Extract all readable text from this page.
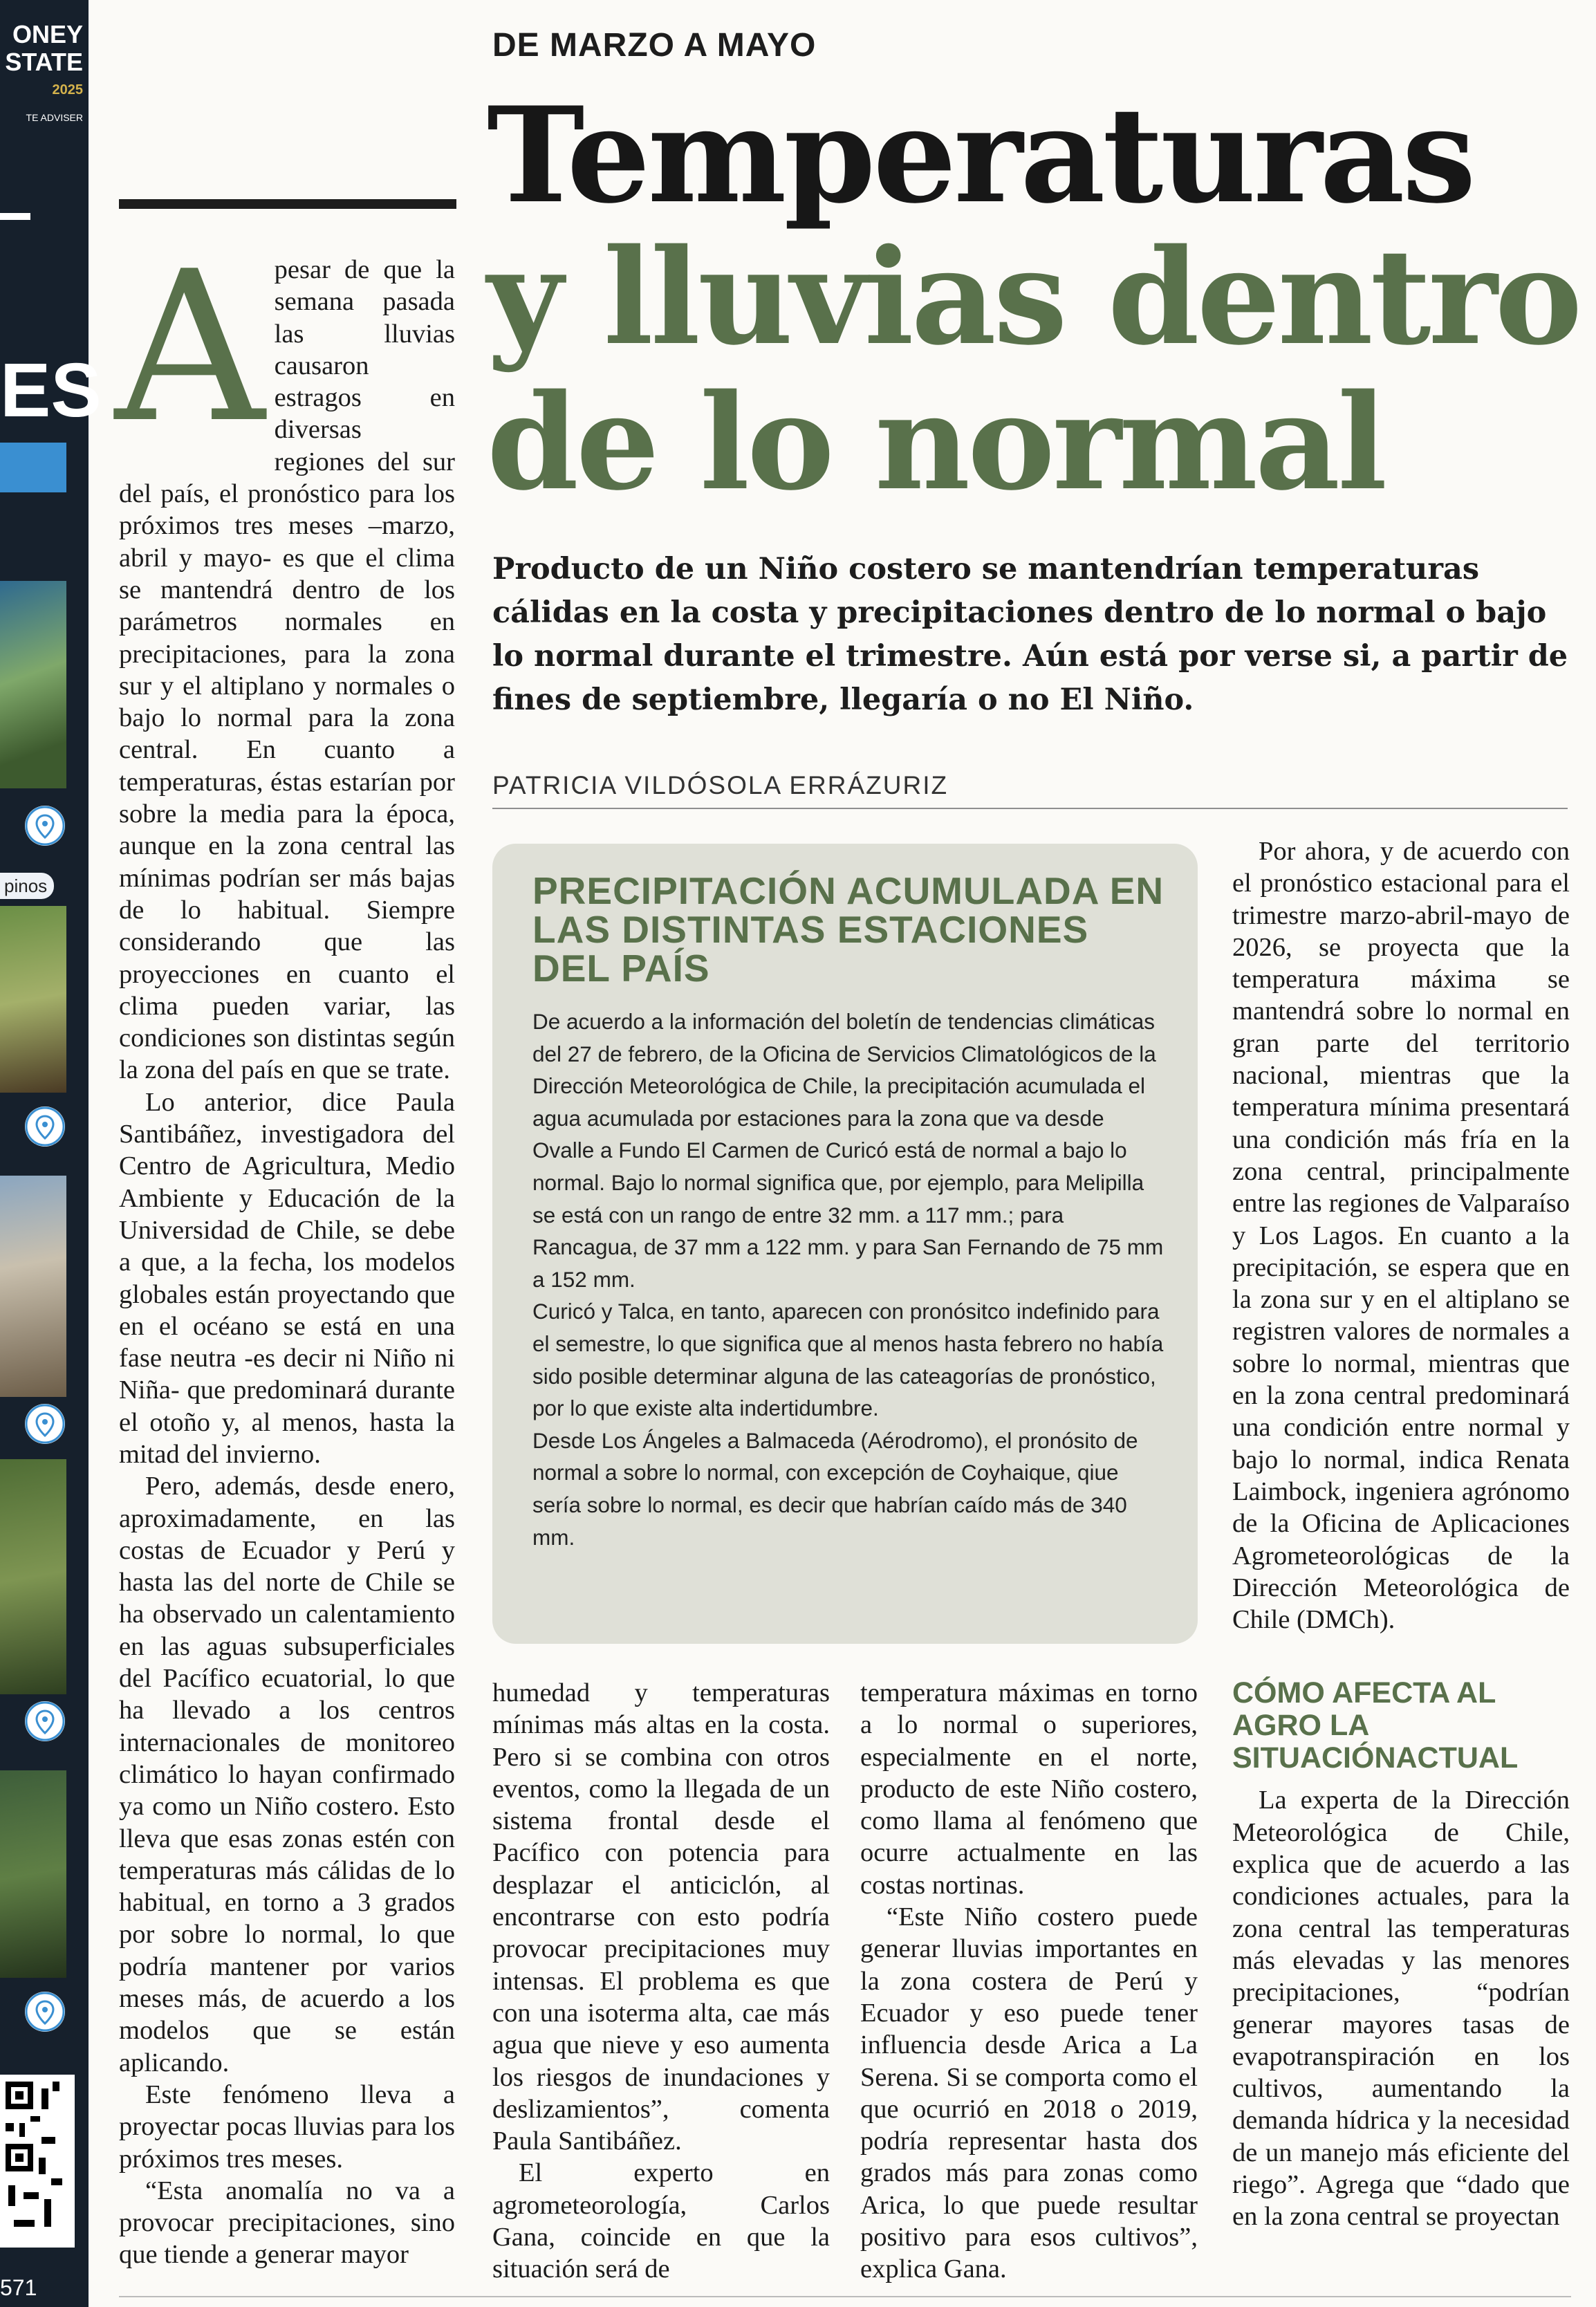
ONEY
STATE
2025
TE ADVISER
ES
pinos
571
DE MARZO A MAYO
Temperaturas
y lluvias dentro
de lo normal
Producto de un Niño costero se mantendrían temperaturas cálidas en la costa y precipitaciones dentro de lo normal o bajo lo normal durante el trimestre. Aún está por verse si, a partir de fines de septiembre, llegaría o no El Niño.
PATRICIA VILDÓSOLA ERRÁZURIZ
A pesar de que la semana pasada las lluvias causaron estragos en diversas regiones del sur del país, el pronóstico para los próximos tres meses –marzo, abril y mayo- es que el clima se mantendrá dentro de los parámetros normales en precipitaciones, para la zona sur y el altiplano y normales o bajo lo normal para la zona central. En cuanto a temperaturas, éstas estarían por sobre la media para la época, aunque en la zona central las mínimas podrían ser más bajas de lo habitual. Siempre considerando que las proyecciones en cuanto el clima pueden variar, las condiciones son distintas según la zona del país en que se trate.

Lo anterior, dice Paula Santibáñez, investigadora del Centro de Agricultura, Medio Ambiente y Educación de la Universidad de Chile, se debe a que, a la fecha, los modelos globales están proyectando que en el océano se está en una fase neutra -es decir ni Niño ni Niña- que predominará durante el otoño y, al menos, hasta la mitad del invierno.

Pero, además, desde enero, aproximadamente, en las costas de Ecuador y Perú y hasta las del norte de Chile se ha observado un calentamiento en las aguas subsuperficiales del Pacífico ecuatorial, lo que ha llevado a los centros internacionales de monitoreo climático lo hayan confirmado ya como un Niño costero. Esto lleva que esas zonas estén con temperaturas más cálidas de lo habitual, en torno a 3 grados por sobre lo normal, lo que podría mantener por varios meses más, de acuerdo a los modelos que se están aplicando.

Este fenómeno lleva a proyectar pocas lluvias para los próximos tres meses.

“Esta anomalía no va a provocar precipitaciones, sino que tiende a generar mayor

PRECIPITACIÓN ACUMULADA EN LAS DISTINTAS ESTACIONES DEL PAÍS

De acuerdo a la información del boletín de tendencias climáticas del 27 de febrero, de la Oficina de Servicios Climatológicos de la Dirección Meteorológica de Chile, la precipitación acumulada el agua acumulada por estaciones para la zona que va desde Ovalle a Fundo El Carmen de Curicó está de normal a bajo lo normal. Bajo lo normal significa que, por ejemplo, para Melipilla se está con un rango de entre 32 mm. a 117 mm.; para Rancagua, de 37 mm a 122 mm. y para San Fernando de 75 mm a 152 mm.

Curicó y Talca, en tanto, aparecen con pronósitco indefinido para el semestre, lo que significa que al menos hasta febrero no había sido posible determinar alguna de las cateagorías de pronóstico, por lo que existe alta indertidumbre.

Desde Los Ángeles a Balmaceda (Aérodromo), el pronósito de normal a sobre lo normal, con excepción de Coyhaique, qiue sería sobre lo normal, es decir que habrían caído más de 340 mm.

humedad y temperaturas mínimas más altas en la costa. Pero si se combina con otros eventos, como la llegada de un sistema frontal desde el Pacífico con potencia para desplazar el anticiclón, al encontrarse con esto podría provocar precipitaciones muy intensas. El problema es que con una isoterma alta, cae más agua que nieve y eso aumenta los riesgos de inundaciones y deslizamientos”, comenta Paula Santibáñez.

El experto en agrometeorología, Carlos Gana, coincide en que la situación será de

temperatura máximas en torno a lo normal o superiores, especialmente en el norte, producto de este Niño costero, como llama al fenómeno que ocurre actualmente en las costas nortinas.

“Este Niño costero puede generar lluvias importantes en la zona costera de Perú y Ecuador y eso puede tener influencia desde Arica a La Serena. Si se comporta como el que ocurrió en 2018 o 2019, podría representar hasta dos grados más para zonas como Arica, lo que puede resultar positivo para esos cultivos”, explica Gana.

Por ahora, y de acuerdo con el pronóstico estacional para el trimestre marzo-abril-mayo de 2026, se proyecta que la temperatura máxima se mantendrá sobre lo normal en gran parte del territorio nacional, mientras que la temperatura mínima presentará una condición más fría en la zona central, principalmente entre las regiones de Valparaíso y Los Lagos. En cuanto a la precipitación, se espera que en la zona sur y en el altiplano se registren valores de normales a sobre lo normal, mientras que en la zona central predominará una condición entre normal y bajo lo normal, indica Renata Laimbock, ingeniera agrónomo de la Oficina de Aplicaciones Agrometeorológicas de la Dirección Meteorológica de Chile (DMCh).

CÓMO AFECTA AL AGRO LA SITUACIÓNACTUAL

La experta de la Dirección Meteorológica de Chile, explica que de acuerdo a las condiciones actuales, para la zona central las temperaturas más elevadas y las menores precipitaciones, “podrían generar mayores tasas de evapotranspiración en los cultivos, aumentando la demanda hídrica y la necesidad de un manejo más eficiente del riego”. Agrega que “dado que en la zona central se proyectan
